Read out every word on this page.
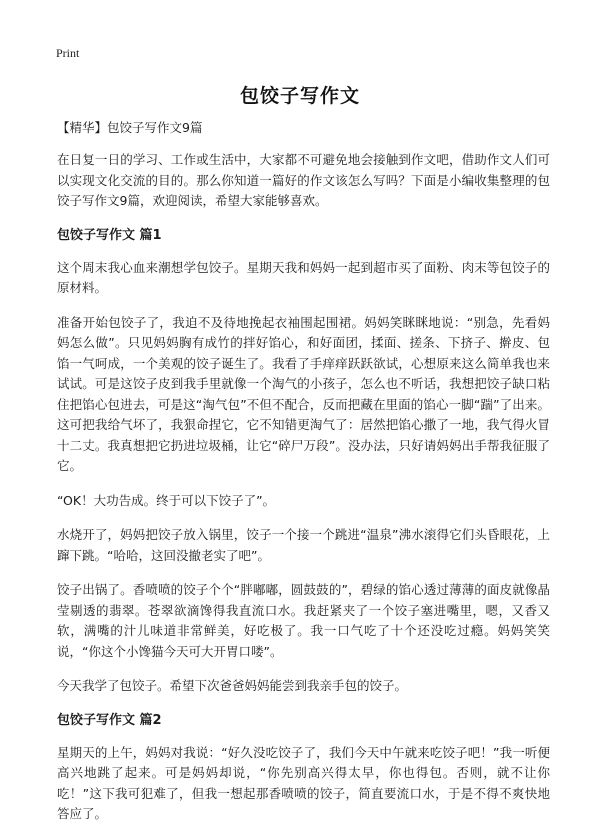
Print
包饺子写作文
【精华】包饺子写作文9篇

在日复一日的学习、工作或生活中，大家都不可避免地会接触到作文吧，借助作文人们可以实现文化交流的目的。那么你知道一篇好的作文该怎么写吗？下面是小编收集整理的包饺子写作文9篇，欢迎阅读，希望大家能够喜欢。

包饺子写作文 篇1

这个周末我心血来潮想学包饺子。星期天我和妈妈一起到超市买了面粉、肉末等包饺子的原材料。

准备开始包饺子了，我迫不及待地挽起衣袖围起围裙。妈妈笑眯眯地说：“别急，先看妈妈怎么做”。只见妈妈胸有成竹的拌好馅心，和好面团，揉面、搓条、下挤子、擀皮、包馅一气呵成，一个美观的饺子诞生了。我看了手痒痒跃跃欲试，心想原来这么简单我也来试试。可是这饺子皮到我手里就像一个淘气的小孩子，怎么也不听话，我想把饺子缺口粘住把馅心包进去，可是这“淘气包”不但不配合，反而把藏在里面的馅心一脚“踹”了出来。这可把我给气坏了，我狠命捏它，它不知错更淘气了：居然把馅心撒了一地，我气得火冒十二丈。我真想把它扔进垃圾桶，让它“碎尸万段”。没办法，只好请妈妈出手帮我征服了它。

“OK！大功告成。终于可以下饺子了”。

水烧开了，妈妈把饺子放入锅里，饺子一个接一个跳进“温泉”沸水滚得它们头昏眼花，上蹿下跳。“哈哈，这回没撤老实了吧”。

饺子出锅了。香喷喷的饺子个个“胖嘟嘟，圆鼓鼓的”，碧绿的馅心透过薄薄的面皮就像晶莹剔透的翡翠。苍翠欲滴馋得我直流口水。我赶紧夹了一个饺子塞进嘴里，嗯，又香又软，满嘴的汁儿味道非常鲜美，好吃极了。我一口气吃了十个还没吃过瘾。妈妈笑笑说，“你这个小馋猫今天可大开胃口喽”。

今天我学了包饺子。希望下次爸爸妈妈能尝到我亲手包的饺子。

包饺子写作文 篇2

星期天的上午，妈妈对我说：“好久没吃饺子了，我们今天中午就来吃饺子吧！”我一听便高兴地跳了起来。可是妈妈却说，“你先别高兴得太早，你也得包。否则，就不让你吃！”这下我可犯难了，但我一想起那香喷喷的饺子，简直要流口水，于是不得不爽快地答应了。
